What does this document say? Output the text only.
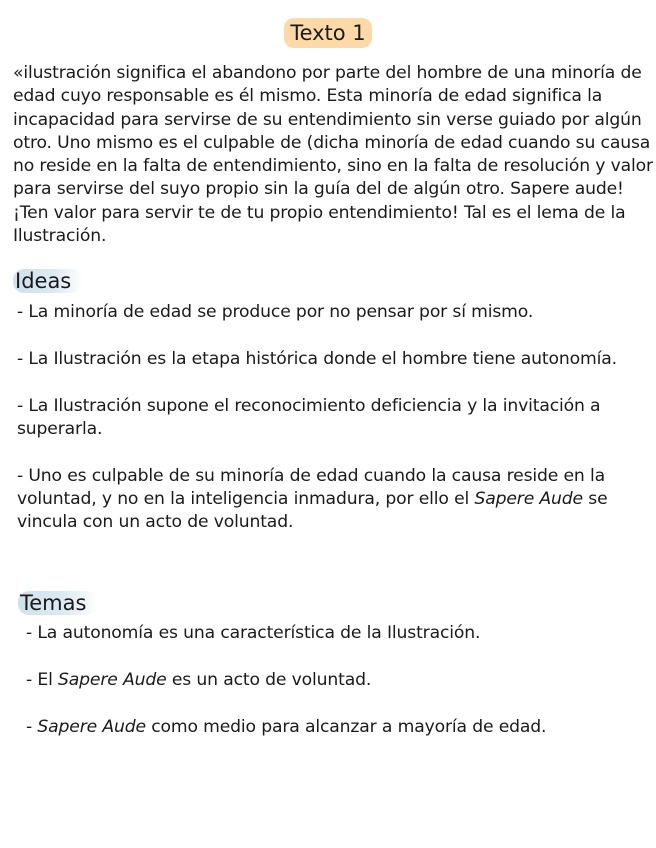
Texto 1
«ilustración significa el abandono por parte del hombre de una minoría de edad cuyo responsable es él mismo. Esta minoría de edad significa la incapacidad para servirse de su entendimiento sin verse guiado por algún otro. Uno mismo es el culpable de (dicha minoría de edad cuando su causa no reside en la falta de entendimiento, sino en la falta de resolución y valor para servirse del suyo propio sin la guía del de algún otro. Sapere aude! ¡Ten valor para servir te de tu propio entendimiento! Tal es el lema de la Ilustración.
Ideas

- La minoría de edad se produce por no pensar por sí mismo.

- La Ilustración es la etapa histórica donde el hombre tiene autonomía.

- La Ilustración supone el reconocimiento deficiencia y la invitación a superarla.

- Uno es culpable de su minoría de edad cuando la causa reside en la voluntad, y no en la inteligencia inmadura, por ello el Sapere Aude se vincula con un acto de voluntad.

Temas

- La autonomía es una característica de la Ilustración.

- El Sapere Aude es un acto de voluntad.

- Sapere Aude como medio para alcanzar a mayoría de edad.
